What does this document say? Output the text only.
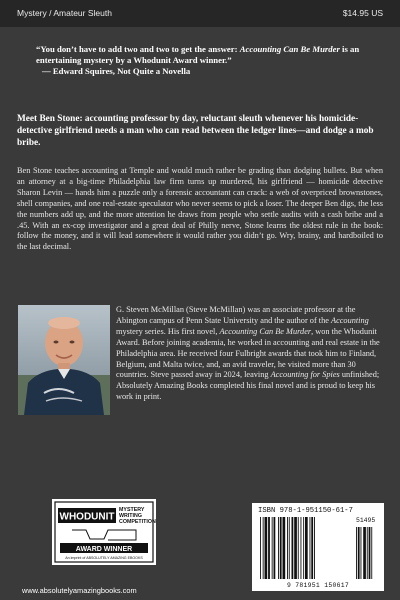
Mystery / Amateur Sleuth	$14.95 US
“You don’t have to add two and two to get the answer: Accounting Can Be Murder is an entertaining mystery by a Whodunit Award winner.”
— Edward Squires, Not Quite a Novella
Meet Ben Stone: accounting professor by day, reluctant sleuth whenever his homicide-detective girlfriend needs a man who can read between the ledger lines—and dodge a mob bribe.
Ben Stone teaches accounting at Temple and would much rather be grading than dodging bullets. But when an attorney at a big-time Philadelphia law firm turns up murdered, his girlfriend — homicide detective Sharon Levin — hands him a puzzle only a forensic accountant can crack: a web of overpriced brownstones, shell companies, and one real-estate speculator who never seems to pick a loser. The deeper Ben digs, the less the numbers add up, and the more attention he draws from people who settle audits with a cash bribe and a .45. With an ex-cop investigator and a great deal of Philly nerve, Stone learns the oldest rule in the book: follow the money, and it will lead somewhere it would rather you didn’t go. Wry, brainy, and hardboiled to the last decimal.
G. Steven McMillan (Steve McMillan) was an associate professor at the Abington campus of Penn State University and the author of the Accounting mystery series. His first novel, Accounting Can Be Murder, won the Whodunit Award. Before joining academia, he worked in accounting and real estate in the Philadelphia area. He received four Fulbright awards that took him to Finland, Belgium, and Malta twice, and, an avid traveler, he visited more than 30 countries. Steve passed away in 2024, leaving Accounting for Spies unfinished; Absolutely Amazing Books completed his final novel and is proud to keep his work in print.
WHODUNIT
MYSTERY
WRITING
COMPETITION
AWARD WINNER
An imprint of ABSOLUTELY AMAZING EBOOKS
www.absolutelyamazingbooks.com
ISBN 978-1-951150-61-7
51495
9 781951 150617
